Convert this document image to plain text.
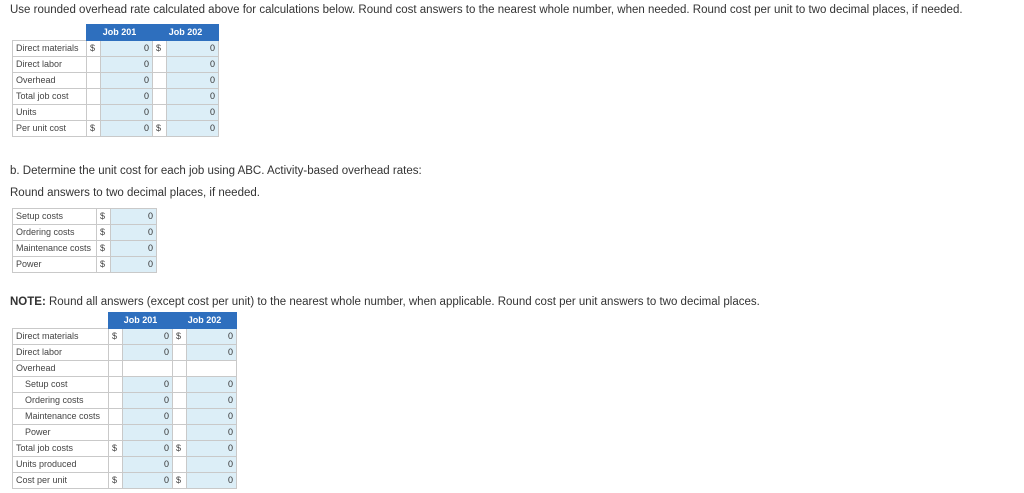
Use rounded overhead rate calculated above for calculations below. Round cost answers to the nearest whole number, when needed. Round cost per unit to two decimal places, if needed.
	Job 201		Job 202	
Direct materials	$	0	$	0
Direct labor		0		0
Overhead		0		0
Total job cost		0		0
Units		0		0
Per unit cost	$	0	$	0
b. Determine the unit cost for each job using ABC. Activity-based overhead rates:
Round answers to two decimal places, if needed.
Setup costs	$	0
Ordering costs	$	0
Maintenance costs	$	0
Power	$	0
NOTE: Round all answers (except cost per unit) to the nearest whole number, when applicable. Round cost per unit answers to two decimal places.
	Job 201		Job 202	
Direct materials	$	0	$	0
Direct labor		0		0
Overhead				
Setup cost		0		0
Ordering costs		0		0
Maintenance costs		0		0
Power		0		0
Total job costs	$	0	$	0
Units produced		0		0
Cost per unit	$	0	$	0
